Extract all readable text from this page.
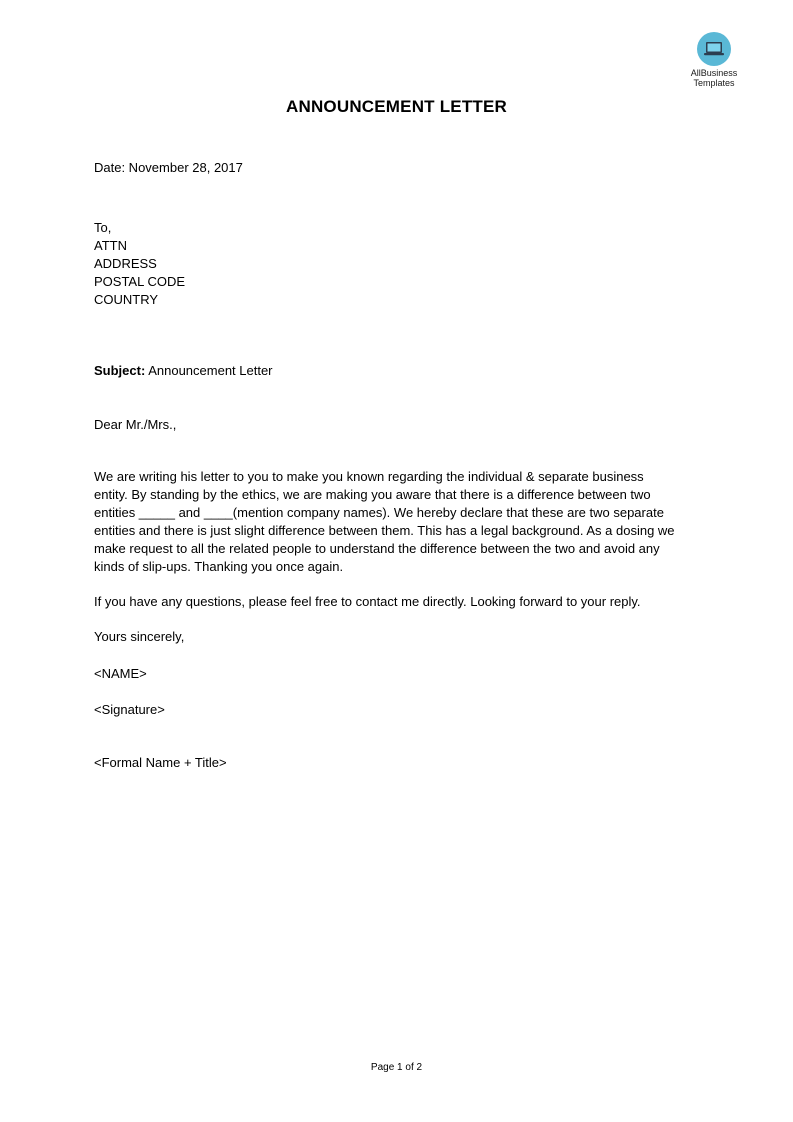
AllBusiness
Templates
ANNOUNCEMENT LETTER
Date: November 28, 2017
To,
ATTN
ADDRESS
POSTAL CODE
COUNTRY
Subject: Announcement Letter
Dear Mr./Mrs.,

We are writing his letter to you to make you known regarding the individual & separate business

entity. By standing by the ethics, we are making you aware that there is a difference between two

entities _____ and ____(mention company names). We hereby declare that these are two separate

entities and there is just slight difference between them. This has a legal background. As a dosing we

make request to all the related people to understand the difference between the two and avoid any

kinds of slip-ups. Thanking you once again.

If you have any questions, please feel free to contact me directly. Looking forward to your reply.
Yours sincerely,
<NAME>
<Signature>
<Formal Name + Title>
Page 1 of 2
